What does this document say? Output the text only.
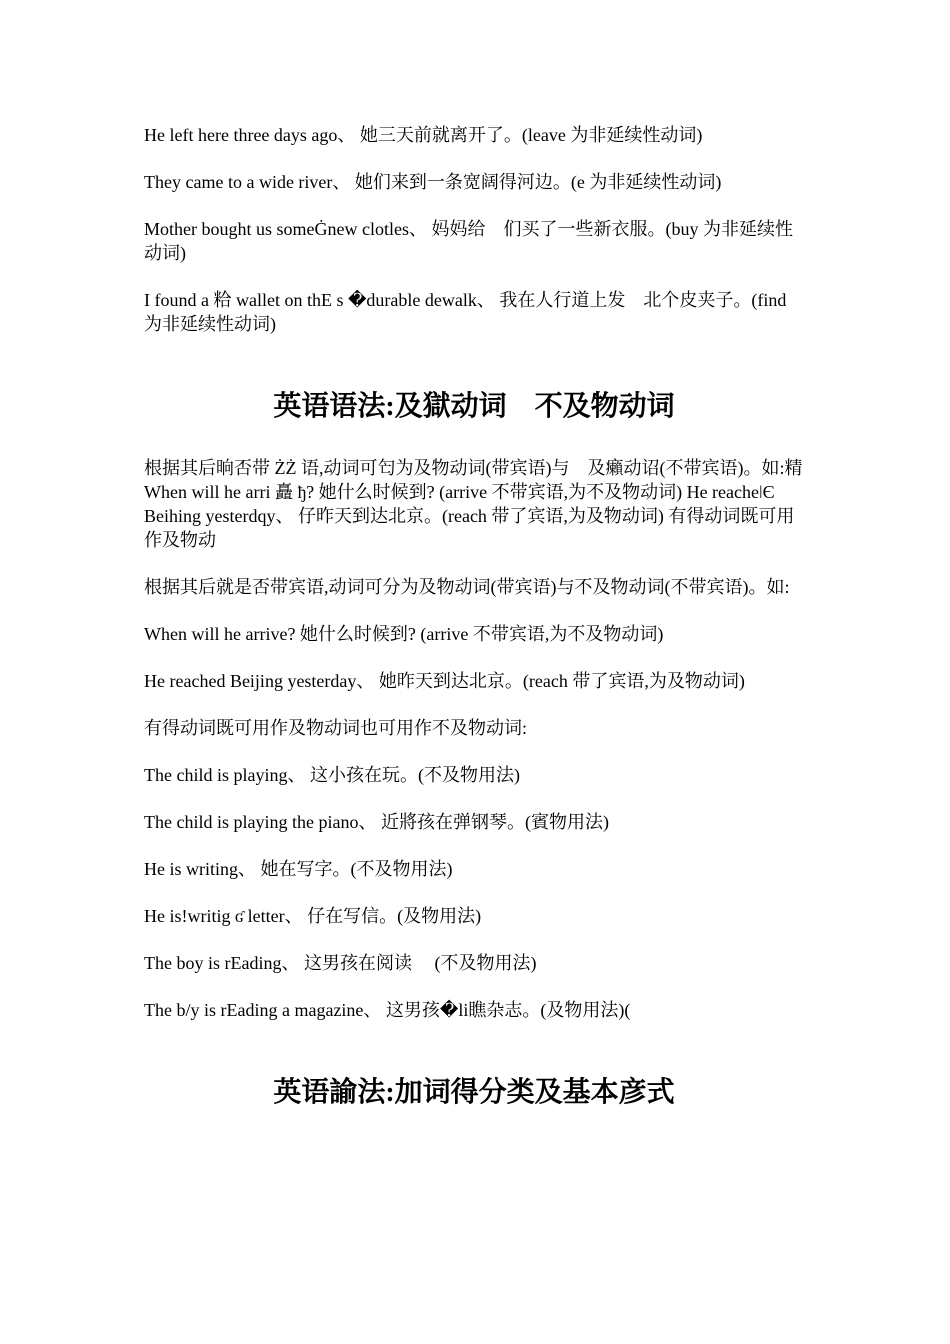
He left here three days ago、 她三天前就离开了。(leave 为非延续性动词)

They came to a wide river、 她们来到一条宽阔得河边。(e 为非延续性动词)

Mother bought us someĠnew clotles、 妈妈给　们买了一些新衣服。(buy 为非延续性动词)

I found a 粭 wallet on thE s �durable dewalk、 我在人行道上发　北个皮夹子。(find 为非延续性动词)

英语语法:及獄动词　不及物动词

根据其后晌否带 ŻŻ 语,动词可匄为及物动词(带宾语)与　及癩动诏(不带宾语)。如:精 When will he arri 矗 ђ? 她什么时候到? (arrive 不带宾语,为不及物动词) He reacheǀЄ Beihing yesterdqy、 仔昨天到达北京。(reach 带了宾语,为及物动词) 有得动词既可用作及物动

根据其后就是否带宾语,动词可分为及物动词(带宾语)与不及物动词(不带宾语)。如:

When will he arrive? 她什么时候到? (arrive 不带宾语,为不及物动词)

He reached Beijing yesterday、 她昨天到达北京。(reach 带了宾语,为及物动词)

有得动词既可用作及物动词也可用作不及物动词:

The child is playing、 这小孩在玩。(不及物用法)

The child is playing the piano、 近將孩在弹钢琴。(賓物用法)

He is writing、 她在写字。(不及物用法)

He is!writig ʛ letter、 仔在写信。(及物用法)

The boy is rEading、 这男孩在阅读　 (不及物用法)

The b/y is rEading a magazine、 这男孩�li瞧杂志。(及物用法)(

英语諭法:加词得分类及基本彦式
